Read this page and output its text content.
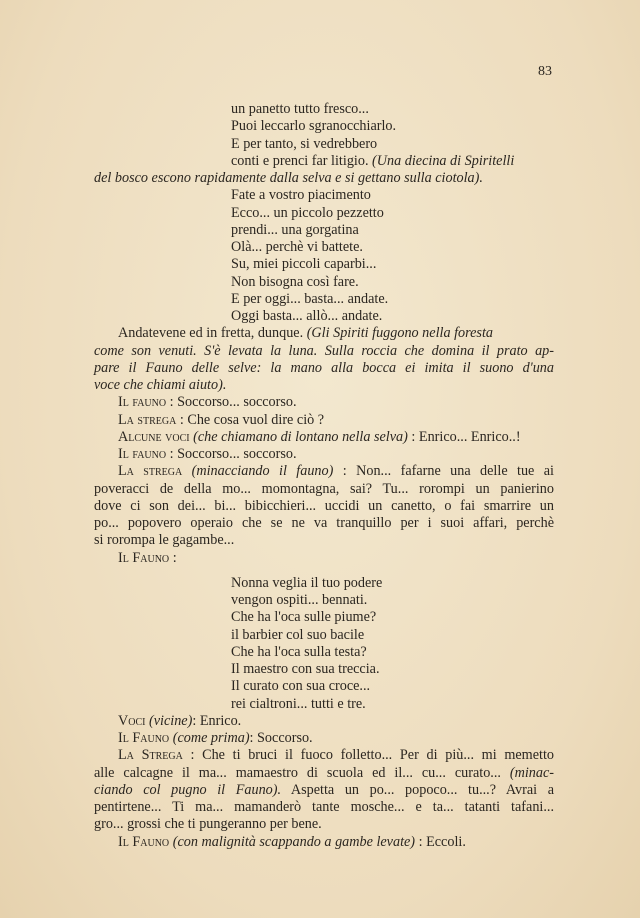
83
un panetto tutto fresco...
Puoi leccarlo sgranocchiarlo.
E per tanto, si vedrebbero
conti e prenci far litigio. (Una diecina di Spiritelli
del bosco escono rapidamente dalla selva e si gettano sulla ciotola).
Fate a vostro piacimento
Ecco... un piccolo pezzetto
prendi... una gorgatina
Olà... perchè vi battete.
Su, miei piccoli caparbi...
Non bisogna così fare.
E per oggi... basta... andate.
Oggi basta... allò... andate.
Andatevene ed in fretta, dunque. (Gli Spiriti fuggono nella foresta
come son venuti. S'è levata la luna. Sulla roccia che domina il prato ap-
pare il Fauno delle selve: la mano alla bocca ei imita il suono d'una
voce che chiami aiuto).
Il fauno : Soccorso... soccorso.
La strega : Che cosa vuol dire ciò ?
Alcune voci (che chiamano di lontano nella selva) : Enrico... Enrico..!
Il fauno : Soccorso... soccorso.
La strega (minacciando il fauno) : Non... fafarne una delle tue ai
poveracci de della mo... momontagna, sai? Tu... rorompi un panierino
dove ci son dei... bi... bibicchieri... uccidi un canetto, o fai smarrire un
po... popovero operaio che se ne va tranquillo per i suoi affari, perchè
si rorompa le gagambe...
Il Fauno :
Nonna veglia il tuo podere
vengon ospiti... bennati.
Che ha l'oca sulle piume?
il barbier col suo bacile
Che ha l'oca sulla testa?
Il maestro con sua treccia.
Il curato con sua croce...
rei cialtroni... tutti e tre.
Voci (vicine): Enrico.
Il Fauno (come prima): Soccorso.
La Strega : Che ti bruci il fuoco folletto... Per di più... mi memetto
alle calcagne il ma... mamaestro di scuola ed il... cu... curato... (minac-
ciando col pugno il Fauno). Aspetta un po... popoco... tu...? Avrai a
pentirtene... Ti ma... mamanderò tante mosche... e ta... tatanti tafani...
gro... grossi che ti pungeranno per bene.
Il Fauno (con malignità scappando a gambe levate) : Eccoli.
